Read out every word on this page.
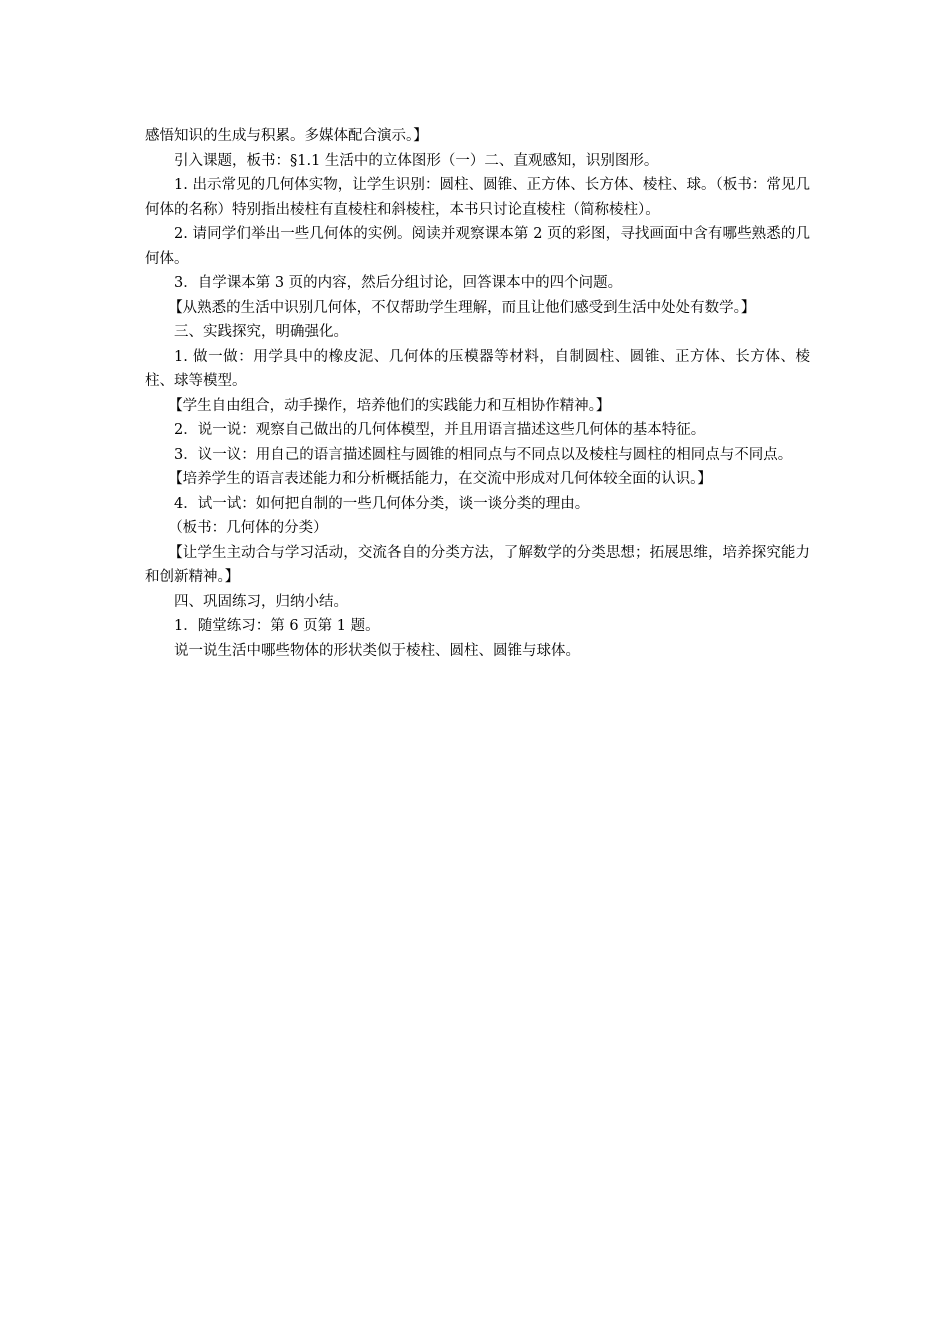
感悟知识的生成与积累。多媒体配合演示。】

引入课题，板书：§1.1 生活中的立体图形（一）二、直观感知，识别图形。

1. 出示常见的几何体实物，让学生识别：圆柱、圆锥、正方体、长方体、棱柱、球。（板书：常见几何体的名称）特别指出棱柱有直棱柱和斜棱柱，本书只讨论直棱柱（简称棱柱）。

2. 请同学们举出一些几何体的实例。阅读并观察课本第 2 页的彩图，寻找画面中含有哪些熟悉的几何体。

3．自学课本第 3 页的内容，然后分组讨论，回答课本中的四个问题。

【从熟悉的生活中识别几何体，不仅帮助学生理解，而且让他们感受到生活中处处有数学。】

三、实践探究，明确强化。

1. 做一做：用学具中的橡皮泥、几何体的压模器等材料，自制圆柱、圆锥、正方体、长方体、棱柱、球等模型。

【学生自由组合，动手操作，培养他们的实践能力和互相协作精神。】

2．说一说：观察自己做出的几何体模型，并且用语言描述这些几何体的基本特征。

3．议一议：用自己的语言描述圆柱与圆锥的相同点与不同点以及棱柱与圆柱的相同点与不同点。

【培养学生的语言表述能力和分析概括能力，在交流中形成对几何体较全面的认识。】

4．试一试：如何把自制的一些几何体分类，谈一谈分类的理由。

（板书：几何体的分类）

【让学生主动合与学习活动，交流各自的分类方法，了解数学的分类思想；拓展思维，培养探究能力和创新精神。】

四、巩固练习，归纳小结。

1．随堂练习：第 6 页第 1 题。

说一说生活中哪些物体的形状类似于棱柱、圆柱、圆锥与球体。
